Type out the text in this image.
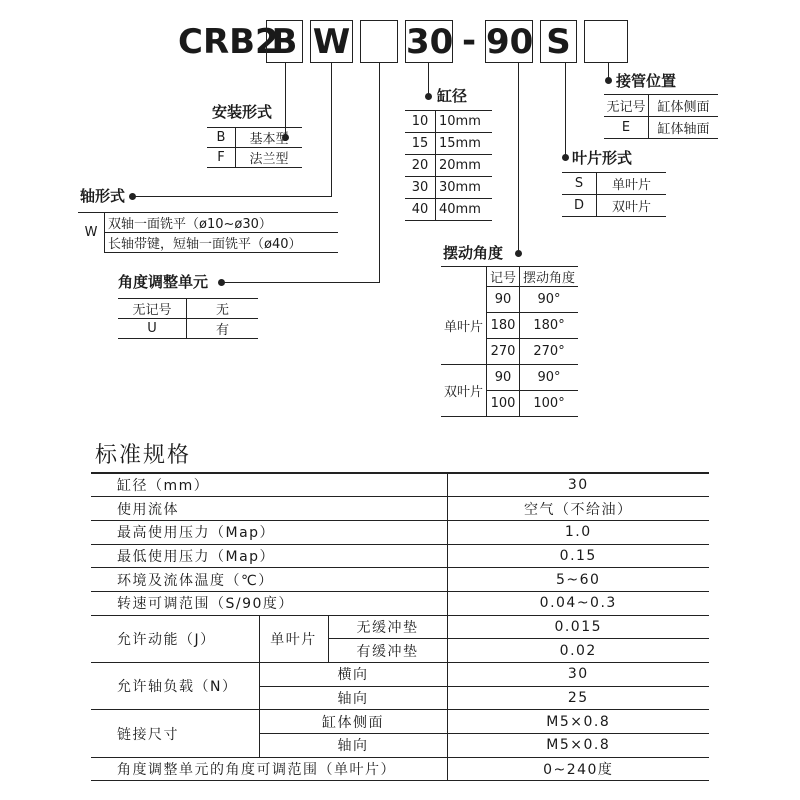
CRB2
B W 30 - 90 S
安装形式
B	基本型
F	法兰型
轴形式
W	双轴一面铣平（ø10~ø30）
长轴带键，短轴一面铣平（ø40）
角度调整单元
无记号	无
U	有
缸径
10	10mm
15	15mm
20	20mm
30	30mm
40	40mm
摆动角度
	记号	摆动角度
单叶片	90	90°
	180	180°
	270	270°
双叶片	90	90°
	100	100°
叶片形式
S	单叶片
D	双叶片
接管位置
无记号	缸体侧面
E	缸体轴面
标准规格
缸径（mm）			30
使用流体			空气（不给油）
最高使用压力（Map）			1.0
最低使用压力（Map）			0.15
环境及流体温度（℃）			5~60
转速可调范围（S/90度）			0.04~0.3
允许动能（J）	单叶片	无缓冲垫	0.015
		有缓冲垫	0.02
允许轴负载（N）	横向		30
	轴向		25
链接尺寸	缸体侧面		M5×0.8
	轴向		M5×0.8
角度调整单元的角度可调范围（单叶片）			0~240度
